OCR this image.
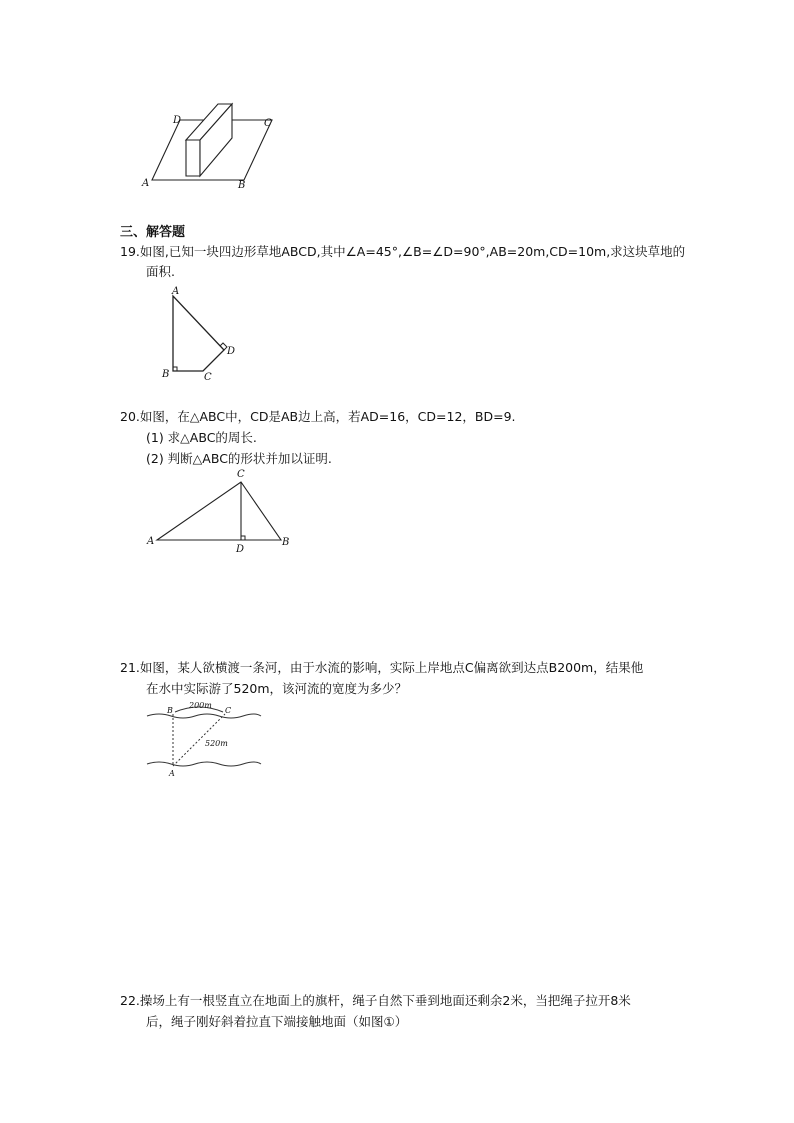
A	B
C
D
三、解答题
19.如图,已知一块四边形草地ABCD,其中∠A=45°,∠B=∠D=90°,AB=20m,CD=10m,求这块草地的
面积.
A
B	C
D
20.如图，在△ABC中，CD是AB边上高，若AD=16，CD=12，BD=9.
(1) 求△ABC的周长.
(2) 判断△ABC的形状并加以证明.
A	B
C
D
21.如图，某人欲横渡一条河，由于水流的影响，实际上岸地点C偏离欲到达点B200m，结果他
在水中实际游了520m，该河流的宽度为多少？
B	C
A
200m
520m
22.操场上有一根竖直立在地面上的旗杆，绳子自然下垂到地面还剩余2米，当把绳子拉开8米
后，绳子刚好斜着拉直下端接触地面（如图①）
